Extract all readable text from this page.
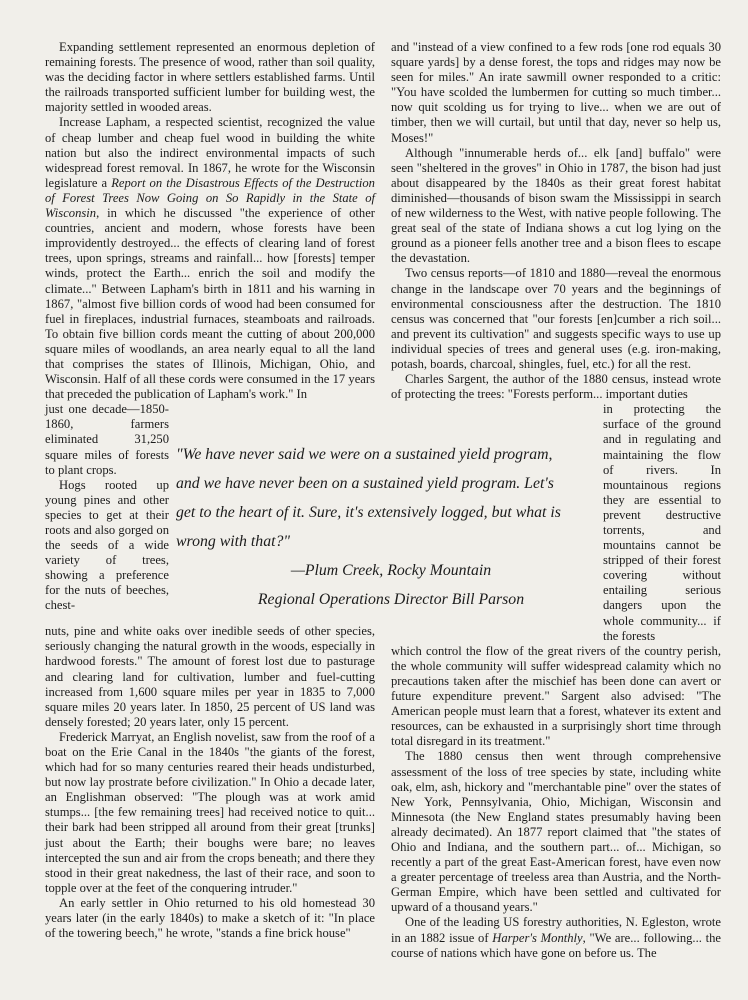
Expanding settlement represented an enormous depletion of remaining forests. The presence of wood, rather than soil quality, was the deciding factor in where settlers established farms. Until the railroads transported sufficient lumber for building west, the majority settled in wooded areas.

Increase Lapham, a respected scientist, recognized the value of cheap lumber and cheap fuel wood in building the white nation but also the indirect environmental impacts of such widespread forest removal. In 1867, he wrote for the Wisconsin legislature a Report on the Disastrous Effects of the Destruction of Forest Trees Now Going on So Rapidly in the State of Wisconsin, in which he discussed "the experience of other countries, ancient and modern, whose forests have been improvidently destroyed... the effects of clearing land of forest trees, upon springs, streams and rainfall... how [forests] temper winds, protect the Earth... enrich the soil and modify the climate..." Between Lapham's birth in 1811 and his warning in 1867, "almost five billion cords of wood had been consumed for fuel in fireplaces, industrial furnaces, steamboats and railroads. To obtain five billion cords meant the cutting of about 200,000 square miles of woodlands, an area nearly equal to all the land that comprises the states of Illinois, Michigan, Ohio, and Wisconsin. Half of all these cords were consumed in the 17 years that preceded the publication of Lapham's work." In

just one decade—1850-1860, farmers eliminated 31,250 square miles of forests to plant crops.

Hogs rooted up young pines and other species to get at their roots and also gorged on the seeds of a wide variety of trees, showing a preference for the nuts of beeches, chest-

nuts, pine and white oaks over inedible seeds of other species, seriously changing the natural growth in the woods, especially in hardwood forests." The amount of forest lost due to pasturage and clearing land for cultivation, lumber and fuel-cutting increased from 1,600 square miles per year in 1835 to 7,000 square miles 20 years later. In 1850, 25 percent of US land was densely forested; 20 years later, only 15 percent.

Frederick Marryat, an English novelist, saw from the roof of a boat on the Erie Canal in the 1840s "the giants of the forest, which had for so many centuries reared their heads undisturbed, but now lay prostrate before civilization." In Ohio a decade later, an Englishman observed: "The plough was at work amid stumps... [the few remaining trees] had received notice to quit... their bark had been stripped all around from their great [trunks] just about the Earth; their boughs were bare; no leaves intercepted the sun and air from the crops beneath; and there they stood in their great nakedness, the last of their race, and soon to topple over at the feet of the conquering intruder."

An early settler in Ohio returned to his old homestead 30 years later (in the early 1840s) to make a sketch of it: "In place of the towering beech," he wrote, "stands a fine brick house"

and "instead of a view confined to a few rods [one rod equals 30 square yards] by a dense forest, the tops and ridges may now be seen for miles." An irate sawmill owner responded to a critic: "You have scolded the lumbermen for cutting so much timber... now quit scolding us for trying to live... when we are out of timber, then we will curtail, but until that day, never so help us, Moses!"

Although "innumerable herds of... elk [and] buffalo" were seen "sheltered in the groves" in Ohio in 1787, the bison had just about disappeared by the 1840s as their great forest habitat diminished—thousands of bison swam the Mississippi in search of new wilderness to the West, with native people following. The great seal of the state of Indiana shows a cut log lying on the ground as a pioneer fells another tree and a bison flees to escape the devastation.

Two census reports—of 1810 and 1880—reveal the enormous change in the landscape over 70 years and the beginnings of environmental consciousness after the destruction. The 1810 census was concerned that "our forests [en]cumber a rich soil... and prevent its cultivation" and suggests specific ways to use up individual species of trees and general uses (e.g. iron-making, potash, boards, charcoal, shingles, fuel, etc.) for all the rest.

Charles Sargent, the author of the 1880 census, instead wrote of protecting the trees: "Forests perform... important duties

in protecting the surface of the ground and in regulating and maintaining the flow of rivers. In mountainous regions they are essential to prevent destructive torrents, and mountains cannot be stripped of their forest covering without entailing serious dangers upon the whole community... if the forests

which control the flow of the great rivers of the country perish, the whole community will suffer widespread calamity which no precautions taken after the mischief has been done can avert or future expenditure prevent." Sargent also advised: "The American people must learn that a forest, whatever its extent and resources, can be exhausted in a surprisingly short time through total disregard in its treatment."

The 1880 census then went through comprehensive assessment of the loss of tree species by state, including white oak, elm, ash, hickory and "merchantable pine" over the states of New York, Pennsylvania, Ohio, Michigan, Wisconsin and Minnesota (the New England states presumably having been already decimated). An 1877 report claimed that "the states of Ohio and Indiana, and the southern part... of... Michigan, so recently a part of the great East-American forest, have even now a greater percentage of treeless area than Austria, and the North-German Empire, which have been settled and cultivated for upward of a thousand years."

One of the leading US forestry authorities, N. Egleston, wrote in an 1882 issue of Harper's Monthly, "We are... following... the course of nations which have gone on before us. The

"We have never said we were on a sustained yield program,
and we have never been on a sustained yield program. Let's
get to the heart of it. Sure, it's extensively logged, but what is
wrong with that?"
—Plum Creek, Rocky Mountain
Regional Operations Director Bill Parson
